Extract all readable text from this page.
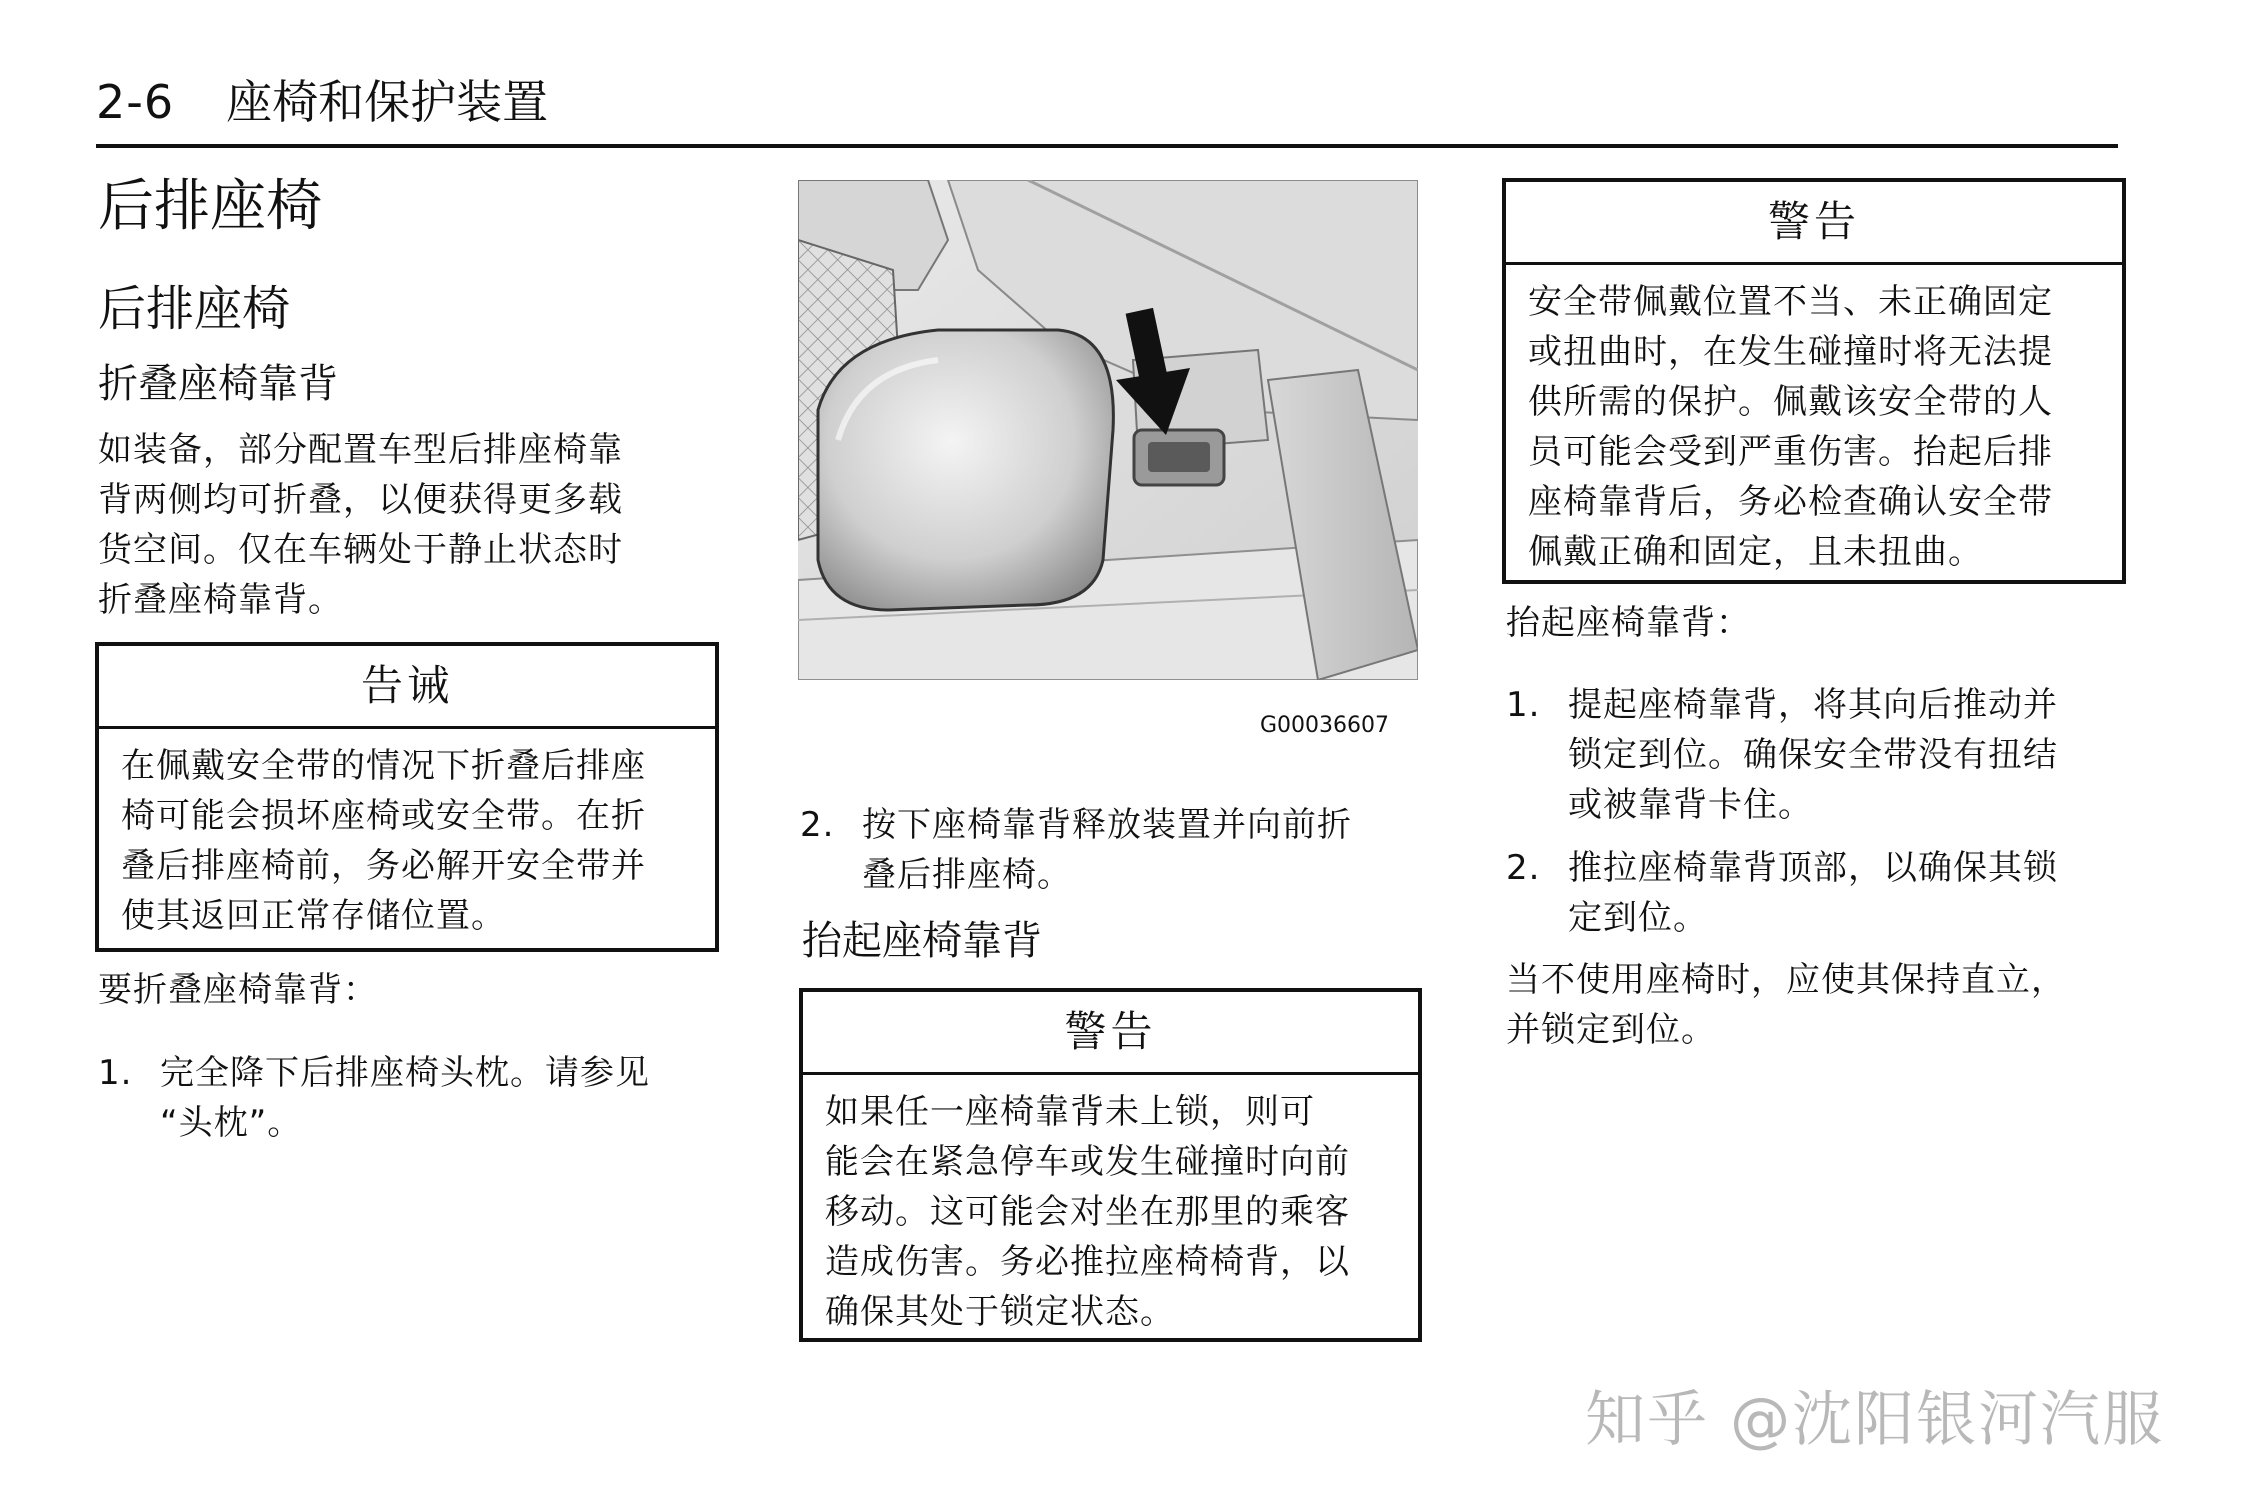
2-6 座椅和保护装置
后排座椅
后排座椅
折叠座椅靠背
如装备，部分配置车型后排座椅靠
背两侧均可折叠，以便获得更多载
货空间。仅在车辆处于静止状态时
折叠座椅靠背。
告诫
在佩戴安全带的情况下折叠后排座
椅可能会损坏座椅或安全带。在折
叠后排座椅前，务必解开安全带并
使其返回正常存储位置。
要折叠座椅靠背：
1. 完全降下后排座椅头枕。请参见
“头枕”。
G00036607
2. 按下座椅靠背释放装置并向前折
叠后排座椅。
抬起座椅靠背
警告
如果任一座椅靠背未上锁，则可
能会在紧急停车或发生碰撞时向前
移动。这可能会对坐在那里的乘客
造成伤害。务必推拉座椅椅背，以
确保其处于锁定状态。
警告
安全带佩戴位置不当、未正确固定
或扭曲时，在发生碰撞时将无法提
供所需的保护。佩戴该安全带的人
员可能会受到严重伤害。抬起后排
座椅靠背后，务必检查确认安全带
佩戴正确和固定，且未扭曲。
抬起座椅靠背：
1. 提起座椅靠背，将其向后推动并
锁定到位。确保安全带没有扭结
或被靠背卡住。
2. 推拉座椅靠背顶部，以确保其锁
定到位。
当不使用座椅时，应使其保持直立，
并锁定到位。
知乎 @沈阳银河汽服
